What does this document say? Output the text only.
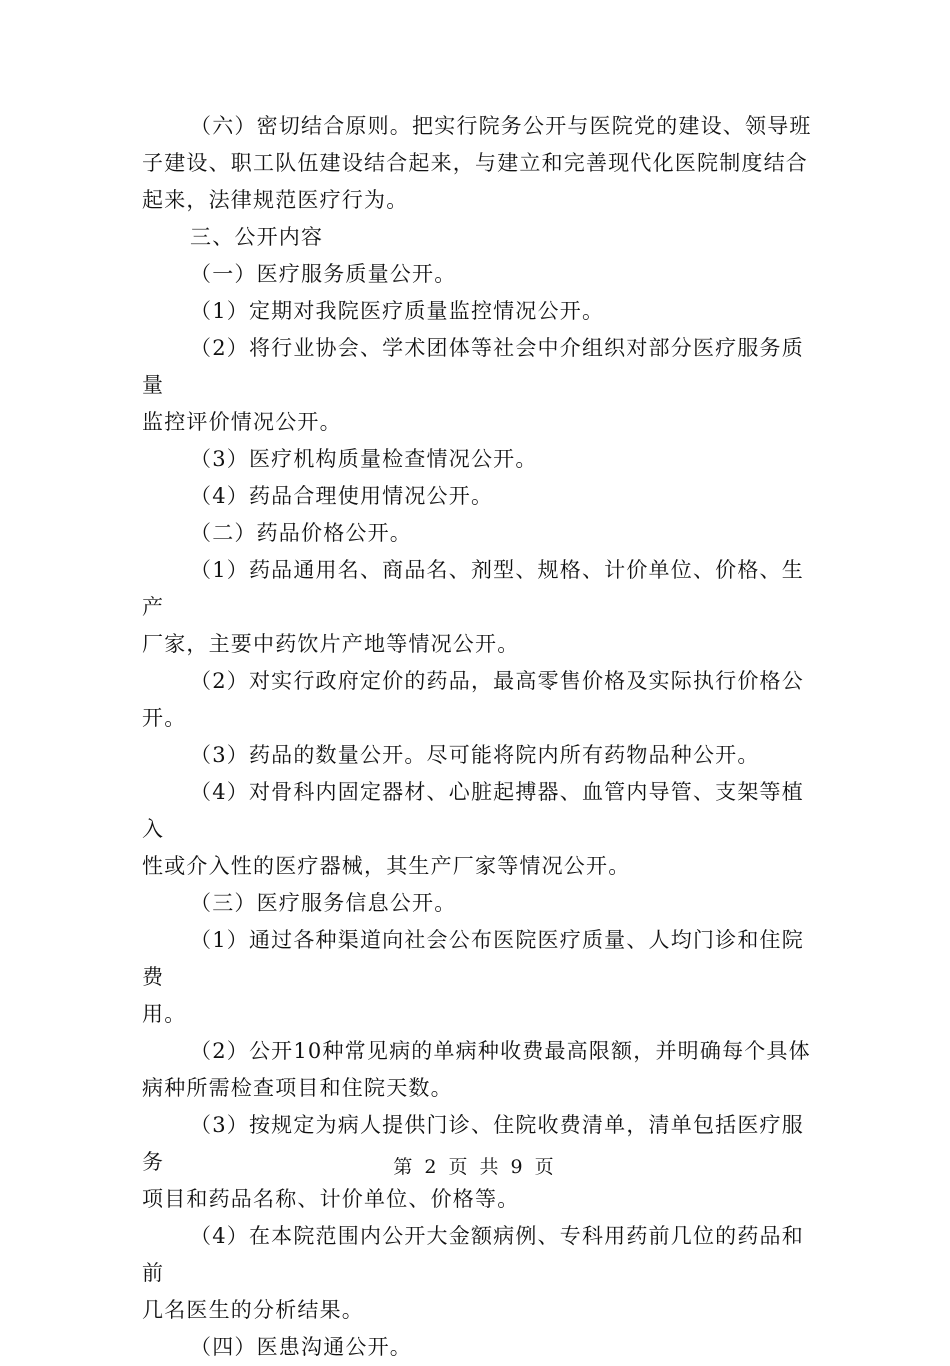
（六）密切结合原则。把实行院务公开与医院党的建设、领导班
子建设、职工队伍建设结合起来，与建立和完善现代化医院制度结合
起来，法律规范医疗行为。

三、公开内容

（一）医疗服务质量公开。

（1）定期对我院医疗质量监控情况公开。

（2）将行业协会、学术团体等社会中介组织对部分医疗服务质量
监控评价情况公开。

（3）医疗机构质量检查情况公开。

（4）药品合理使用情况公开。

（二）药品价格公开。

（1）药品通用名、商品名、剂型、规格、计价单位、价格、生产
厂家，主要中药饮片产地等情况公开。

（2）对实行政府定价的药品，最高零售价格及实际执行价格公开。

（3）药品的数量公开。尽可能将院内所有药物品种公开。

（4）对骨科内固定器材、心脏起搏器、血管内导管、支架等植入
性或介入性的医疗器械，其生产厂家等情况公开。

（三）医疗服务信息公开。

（1）通过各种渠道向社会公布医院医疗质量、人均门诊和住院费
用。

（2）公开10种常见病的单病种收费最高限额，并明确每个具体
病种所需检查项目和住院天数。

（3）按规定为病人提供门诊、住院收费清单，清单包括医疗服务
项目和药品名称、计价单位、价格等。

（4）在本院范围内公开大金额病例、专科用药前几位的药品和前
几名医生的分析结果。

（四）医患沟通公开。

第 2 页 共 9 页
